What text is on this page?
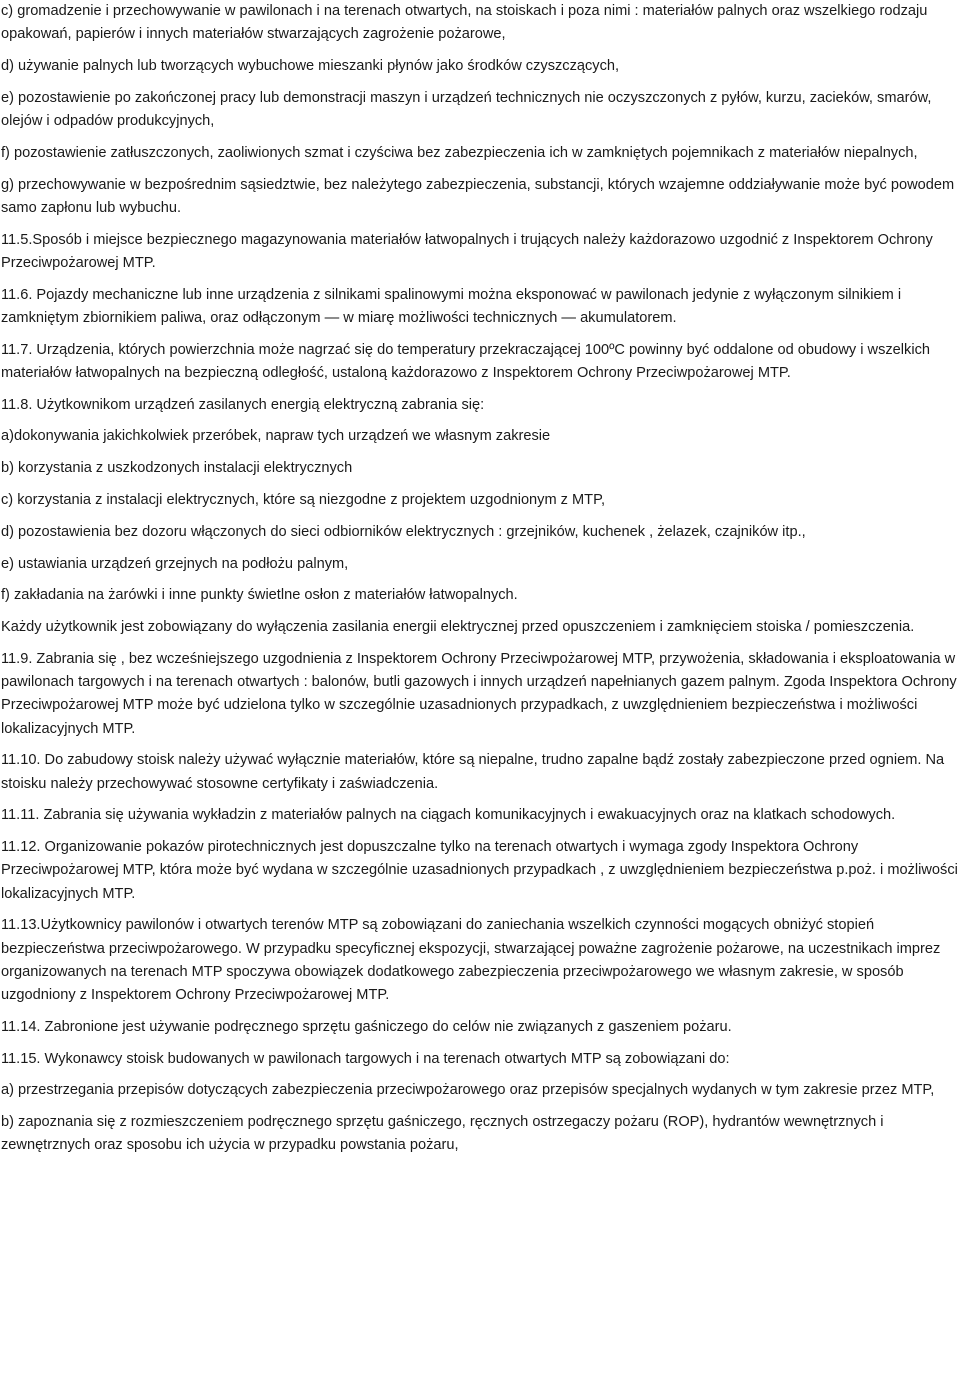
c) gromadzenie i przechowywanie w pawilonach i na terenach otwartych, na stoiskach i poza nimi : materiałów palnych oraz wszelkiego rodzaju opakowań, papierów i innych materiałów stwarzających zagrożenie pożarowe,

d) używanie palnych lub tworzących wybuchowe mieszanki płynów jako środków czyszczących,

e) pozostawienie po zakończonej pracy lub demonstracji maszyn i urządzeń technicznych nie oczyszczonych z pyłów, kurzu, zacieków, smarów, olejów i odpadów produkcyjnych,

f) pozostawienie zatłuszczonych, zaoliwionych szmat i czyściwa bez zabezpieczenia ich w zamkniętych pojemnikach z materiałów niepalnych,

g) przechowywanie w bezpośrednim sąsiedztwie, bez należytego zabezpieczenia, substancji, których wzajemne oddziaływanie może być powodem samo zapłonu lub wybuchu.

11.5.Sposób i miejsce bezpiecznego magazynowania materiałów łatwopalnych i trujących należy każdorazowo uzgodnić z Inspektorem Ochrony Przeciwpożarowej MTP.

11.6. Pojazdy mechaniczne lub inne urządzenia z silnikami spalinowymi można eksponować w pawilonach jedynie z wyłączonym silnikiem i zamkniętym zbiornikiem paliwa, oraz odłączonym — w miarę możliwości technicznych — akumulatorem.

11.7. Urządzenia, których powierzchnia może nagrzać się do temperatury przekraczającej 100ºC powinny być oddalone od obudowy i wszelkich materiałów łatwopalnych na bezpieczną odległość, ustaloną każdorazowo z Inspektorem Ochrony Przeciwpożarowej MTP.

11.8. Użytkownikom urządzeń zasilanych energią elektryczną zabrania się:

a)dokonywania jakichkolwiek przeróbek, napraw tych urządzeń we własnym zakresie

b) korzystania z uszkodzonych instalacji elektrycznych

c) korzystania z instalacji elektrycznych, które są niezgodne z projektem uzgodnionym z MTP,

d) pozostawienia bez dozoru włączonych do sieci odbiorników elektrycznych : grzejników, kuchenek , żelazek, czajników itp.,

e) ustawiania urządzeń grzejnych na podłożu palnym,

f) zakładania na żarówki i inne punkty świetlne osłon z materiałów łatwopalnych.

Każdy użytkownik jest zobowiązany do wyłączenia zasilania energii elektrycznej przed opuszczeniem i zamknięciem stoiska / pomieszczenia.

11.9. Zabrania się , bez wcześniejszego uzgodnienia z Inspektorem Ochrony Przeciwpożarowej MTP, przywożenia, składowania i eksploatowania w pawilonach targowych i na terenach otwartych : balonów, butli gazowych i innych urządzeń napełnianych gazem palnym. Zgoda Inspektora Ochrony Przeciwpożarowej MTP może być udzielona tylko w szczególnie uzasadnionych przypadkach, z uwzględnieniem bezpieczeństwa i możliwości lokalizacyjnych MTP.

11.10. Do zabudowy stoisk należy używać wyłącznie materiałów, które są niepalne, trudno zapalne bądź zostały zabezpieczone przed ogniem. Na stoisku należy przechowywać stosowne certyfikaty i zaświadczenia.

11.11. Zabrania się używania wykładzin z materiałów palnych na ciągach komunikacyjnych i ewakuacyjnych oraz na klatkach schodowych.

11.12. Organizowanie pokazów pirotechnicznych jest dopuszczalne tylko na terenach otwartych i wymaga zgody Inspektora Ochrony Przeciwpożarowej MTP, która może być wydana w szczególnie uzasadnionych przypadkach , z uwzględnieniem bezpieczeństwa p.poż. i możliwości lokalizacyjnych MTP.

11.13.Użytkownicy pawilonów i otwartych terenów MTP są zobowiązani do zaniechania wszelkich czynności mogących obniżyć stopień bezpieczeństwa przeciwpożarowego. W przypadku specyficznej ekspozycji, stwarzającej poważne zagrożenie pożarowe, na uczestnikach imprez organizowanych na terenach MTP spoczywa obowiązek dodatkowego zabezpieczenia przeciwpożarowego we własnym zakresie, w sposób uzgodniony z Inspektorem Ochrony Przeciwpożarowej MTP.

11.14. Zabronione jest używanie podręcznego sprzętu gaśniczego do celów nie związanych z gaszeniem pożaru.

11.15. Wykonawcy stoisk budowanych w pawilonach targowych i na terenach otwartych MTP są zobowiązani do:

a) przestrzegania przepisów dotyczących zabezpieczenia przeciwpożarowego oraz przepisów specjalnych wydanych w tym zakresie przez MTP,

b) zapoznania się z rozmieszczeniem podręcznego sprzętu gaśniczego, ręcznych ostrzegaczy pożaru (ROP), hydrantów wewnętrznych i zewnętrznych oraz sposobu ich użycia w przypadku powstania pożaru,
